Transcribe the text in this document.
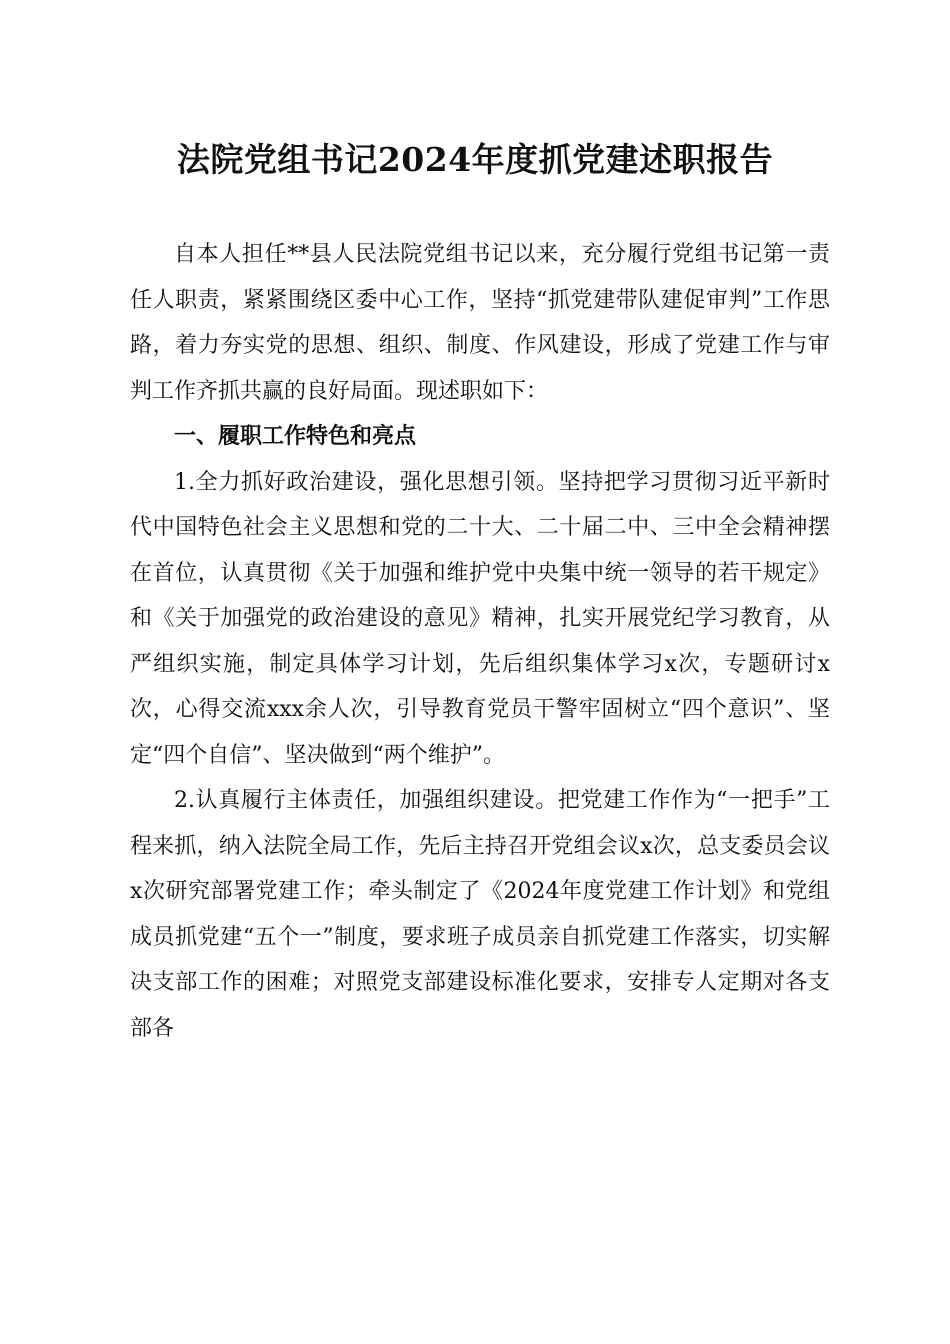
法院党组书记2024年度抓党建述职报告

自本人担任**县人民法院党组书记以来，充分履行党组书记第一责任人职责，紧紧围绕区委中心工作，坚持“抓党建带队建促审判”工作思路，着力夯实党的思想、组织、制度、作风建设，形成了党建工作与审判工作齐抓共赢的良好局面。现述职如下：

一、履职工作特色和亮点

1.全力抓好政治建设，强化思想引领。坚持把学习贯彻习近平新时代中国特色社会主义思想和党的二十大、二十届二中、三中全会精神摆在首位，认真贯彻《关于加强和维护党中央集中统一领导的若干规定》和《关于加强党的政治建设的意见》精神，扎实开展党纪学习教育，从严组织实施，制定具体学习计划，先后组织集体学习x次，专题研讨x次，心得交流xxx余人次，引导教育党员干警牢固树立“四个意识”、坚定“四个自信”、坚决做到“两个维护”。

2.认真履行主体责任，加强组织建设。把党建工作作为“一把手”工程来抓，纳入法院全局工作，先后主持召开党组会议x次，总支委员会议x次研究部署党建工作；牵头制定了《2024年度党建工作计划》和党组成员抓党建“五个一”制度，要求班子成员亲自抓党建工作落实，切实解决支部工作的困难；对照党支部建设标准化要求，安排专人定期对各支部各
